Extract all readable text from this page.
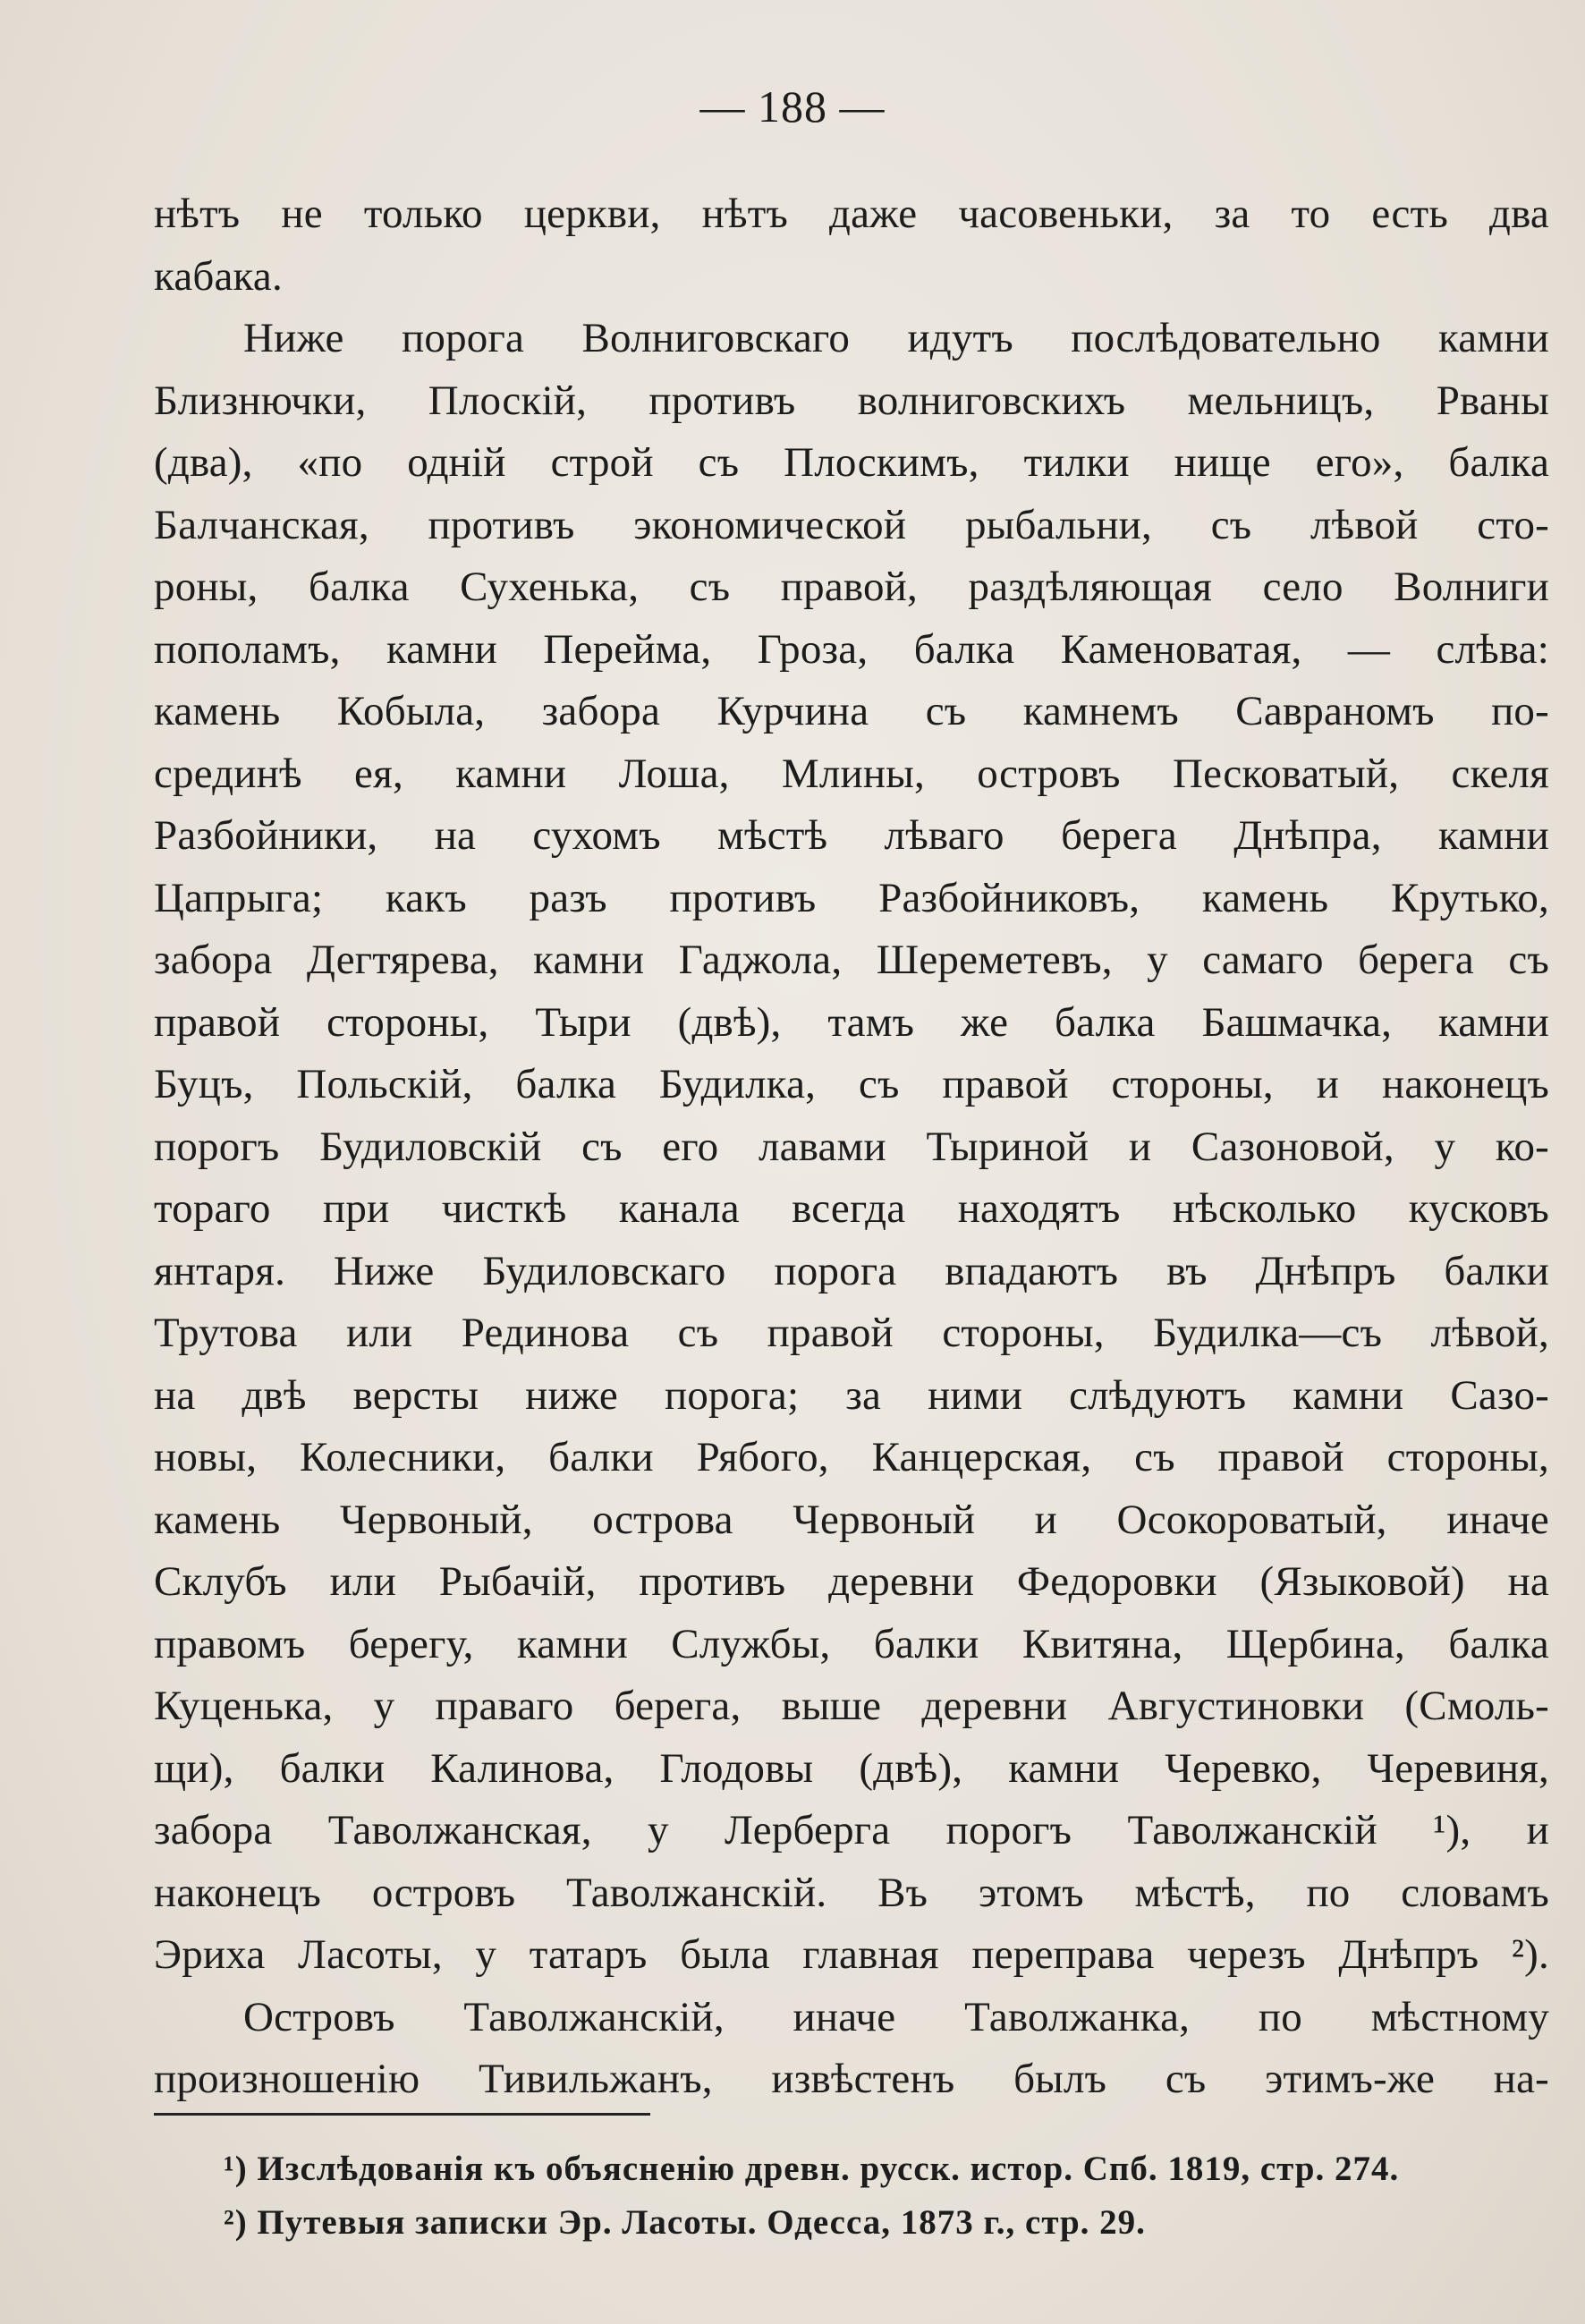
— 188 —
нѣтъ не только церкви, нѣтъ даже часовеньки, за то есть два
кабака.
Ниже порога Волниговскаго идутъ послѣдовательно камни
Близнючки, Плоскій, противъ волниговскихъ мельницъ, Рваны
(два), «по одній строй съ Плоскимъ, тилки нище его», балка
Балчанская, противъ экономической рыбальни, съ лѣвой сто-
роны, балка Сухенька, съ правой, раздѣляющая село Волниги
пополамъ, камни Перейма, Гроза, балка Каменоватая, — слѣва:
камень Кобыла, забора Курчина съ камнемъ Савраномъ по-
срединѣ ея, камни Лоша, Млины, островъ Песковатый, скеля
Разбойники, на сухомъ мѣстѣ лѣваго берега Днѣпра, камни
Цапрыга; какъ разъ противъ Разбойниковъ, камень Крутько,
забора Дегтярева, камни Гаджола, Шереметевъ, у самаго берега съ
правой стороны, Тыри (двѣ), тамъ же балка Башмачка, камни
Буцъ, Польскій, балка Будилка, съ правой стороны, и наконецъ
порогъ Будиловскій съ его лавами Тыриной и Сазоновой, у ко-
тораго при чисткѣ канала всегда находятъ нѣсколько кусковъ
янтаря. Ниже Будиловскаго порога впадаютъ въ Днѣпръ балки
Трутова или Рединова съ правой стороны, Будилка—съ лѣвой,
на двѣ версты ниже порога; за ними слѣдуютъ камни Сазо-
новы, Колесники, балки Рябого, Канцерская, съ правой стороны,
камень Червоный, острова Червоный и Осокороватый, иначе
Склубъ или Рыбачій, противъ деревни Федоровки (Языковой) на
правомъ берегу, камни Службы, балки Квитяна, Щербина, балка
Куценька, у праваго берега, выше деревни Августиновки (Смоль-
щи), балки Калинова, Глодовы (двѣ), камни Черевко, Черевиня,
забора Таволжанская, у Лерберга порогъ Таволжанскій ¹), и
наконецъ островъ Таволжанскій. Въ этомъ мѣстѣ, по словамъ
Эриха Ласоты, у татаръ была главная переправа черезъ Днѣпръ ²).
Островъ Таволжанскій, иначе Таволжанка, по мѣстному
произношенію Тивильжанъ, извѣстенъ былъ съ этимъ-же на-
¹) Изслѣдованія къ объясненію древн. русск. истор. Спб. 1819, стр. 274.
²) Путевыя записки Эр. Ласоты. Одесса, 1873 г., стр. 29.
